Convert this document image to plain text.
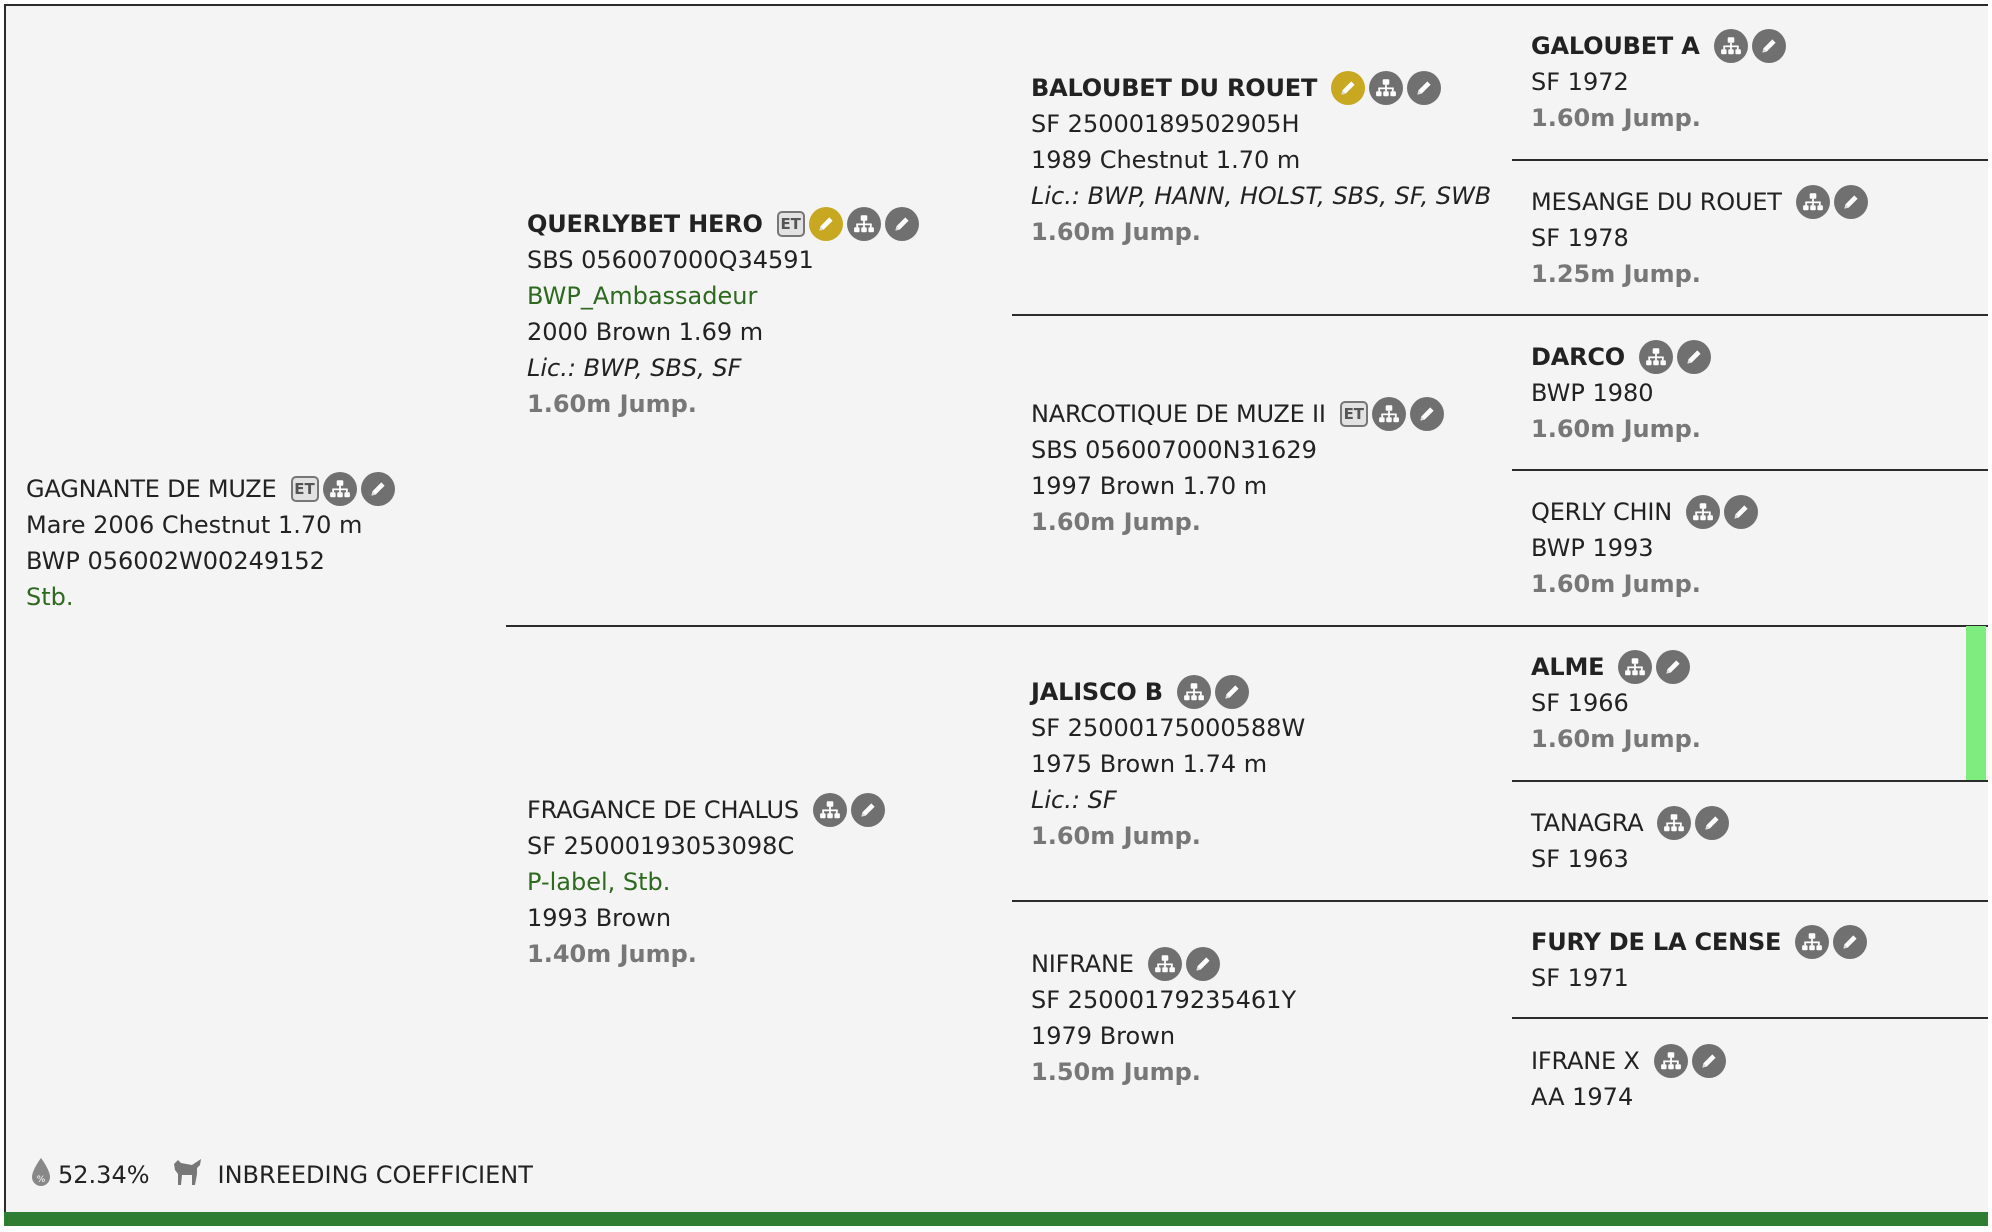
GAGNANTE DE MUZE ET
Mare 2006 Chestnut 1.70 m
BWP 056002W00249152
Stb.
QUERLYBET HERO ET
SBS 056007000Q34591
BWP_Ambassadeur
2000 Brown 1.69 m
Lic.: BWP, SBS, SF
1.60m Jump.
FRAGANCE DE CHALUS
SF 25000193053098C
P-label, Stb.
1993 Brown
1.40m Jump.
BALOUBET DU ROUET
SF 25000189502905H
1989 Chestnut 1.70 m
Lic.: BWP, HANN, HOLST, SBS, SF, SWB
1.60m Jump.
NARCOTIQUE DE MUZE II ET
SBS 056007000N31629
1997 Brown 1.70 m
1.60m Jump.
JALISCO B
SF 25000175000588W
1975 Brown 1.74 m
Lic.: SF
1.60m Jump.
NIFRANE
SF 25000179235461Y
1979 Brown
1.50m Jump.
GALOUBET A
SF 1972
1.60m Jump.
MESANGE DU ROUET
SF 1978
1.25m Jump.
DARCO
BWP 1980
1.60m Jump.
QERLY CHIN
BWP 1993
1.60m Jump.
ALME
SF 1966
1.60m Jump.
TANAGRA
SF 1963
FURY DE LA CENSE
SF 1971
IFRANE X
AA 1974
% 52.34%	INBREEDING COEFFICIENT
